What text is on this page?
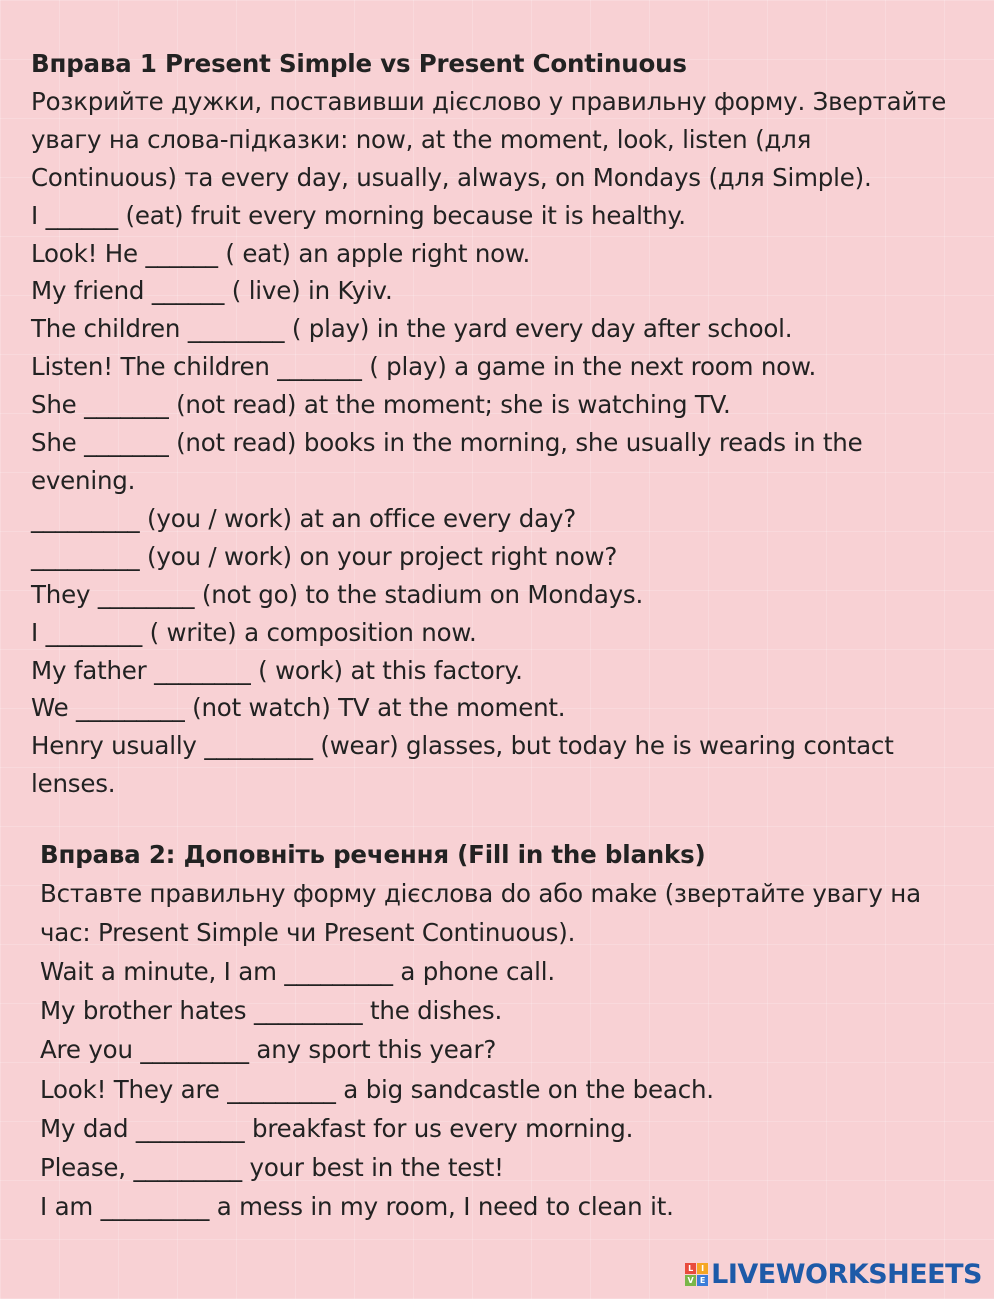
Вправа 1 Present Simple vs Present Continuous
Розкрийте дужки, поставивши дієслово у правильну форму. Звертайте
увагу на слова-підказки: now, at the moment, look, listen (для
Continuous) та every day, usually, always, on Mondays (для Simple).
I ______ (eat) fruit every morning because it is healthy.
Look! He ______ ( eat) an apple right now.
My friend ______ ( live) in Kyiv.
The children ________ ( play) in the yard every day after school.
Listen! The children _______ ( play) a game in the next room now.
She _______ (not read) at the moment; she is watching TV.
She _______ (not read) books in the morning, she usually reads in the
evening.
_________ (you / work) at an office every day?
_________ (you / work) on your project right now?
They ________ (not go) to the stadium on Mondays.
I ________ ( write) a composition now.
My father ________ ( work) at this factory.
We _________ (not watch) TV at the moment.
Henry usually _________ (wear) glasses, but today he is wearing contact
lenses.
Вправа 2: Доповніть речення (Fill in the blanks)
Вставте правильну форму дієслова do або make (звертайте увагу на
час: Present Simple чи Present Continuous).
Wait a minute, I am _________ a phone call.
My brother hates _________ the dishes.
Are you _________ any sport this year?
Look! They are _________ a big sandcastle on the beach.
My dad _________ breakfast for us every morning.
Please, _________ your best in the test!
I am _________ a mess in my room, I need to clean it.
L I
V E LIVEWORKSHEETS
